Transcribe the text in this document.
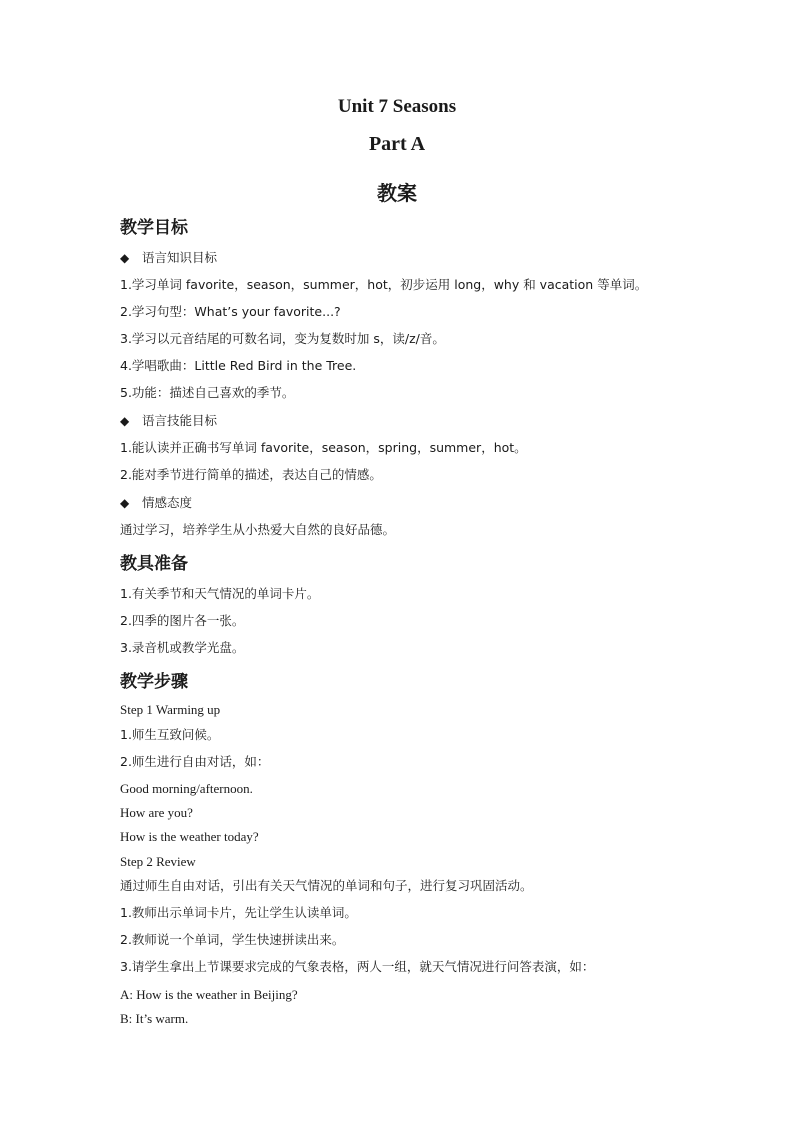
Unit 7 Seasons
Part A
教案
教学目标
◆ 语言知识目标
1.学习单词 favorite，season，summer，hot，初步运用 long，why 和 vacation 等单词。
2.学习句型：What’s your favorite...?
3.学习以元音结尾的可数名词，变为复数时加 s，读/z/音。
4.学唱歌曲：Little Red Bird in the Tree.
5.功能：描述自己喜欢的季节。
◆ 语言技能目标
1.能认读并正确书写单词 favorite，season，spring，summer，hot。
2.能对季节进行简单的描述，表达自己的情感。
◆ 情感态度
通过学习，培养学生从小热爱大自然的良好品德。
教具准备
1.有关季节和天气情况的单词卡片。
2.四季的图片各一张。
3.录音机或教学光盘。
教学步骤
Step 1 Warming up
1.师生互致问候。
2.师生进行自由对话，如：
Good morning/afternoon.
How are you?
How is the weather today?
Step 2 Review
通过师生自由对话，引出有关天气情况的单词和句子，进行复习巩固活动。
1.教师出示单词卡片，先让学生认读单词。
2.教师说一个单词，学生快速拼读出来。
3.请学生拿出上节课要求完成的气象表格，两人一组，就天气情况进行问答表演，如：
A: How is the weather in Beijing?
B: It’s warm.
